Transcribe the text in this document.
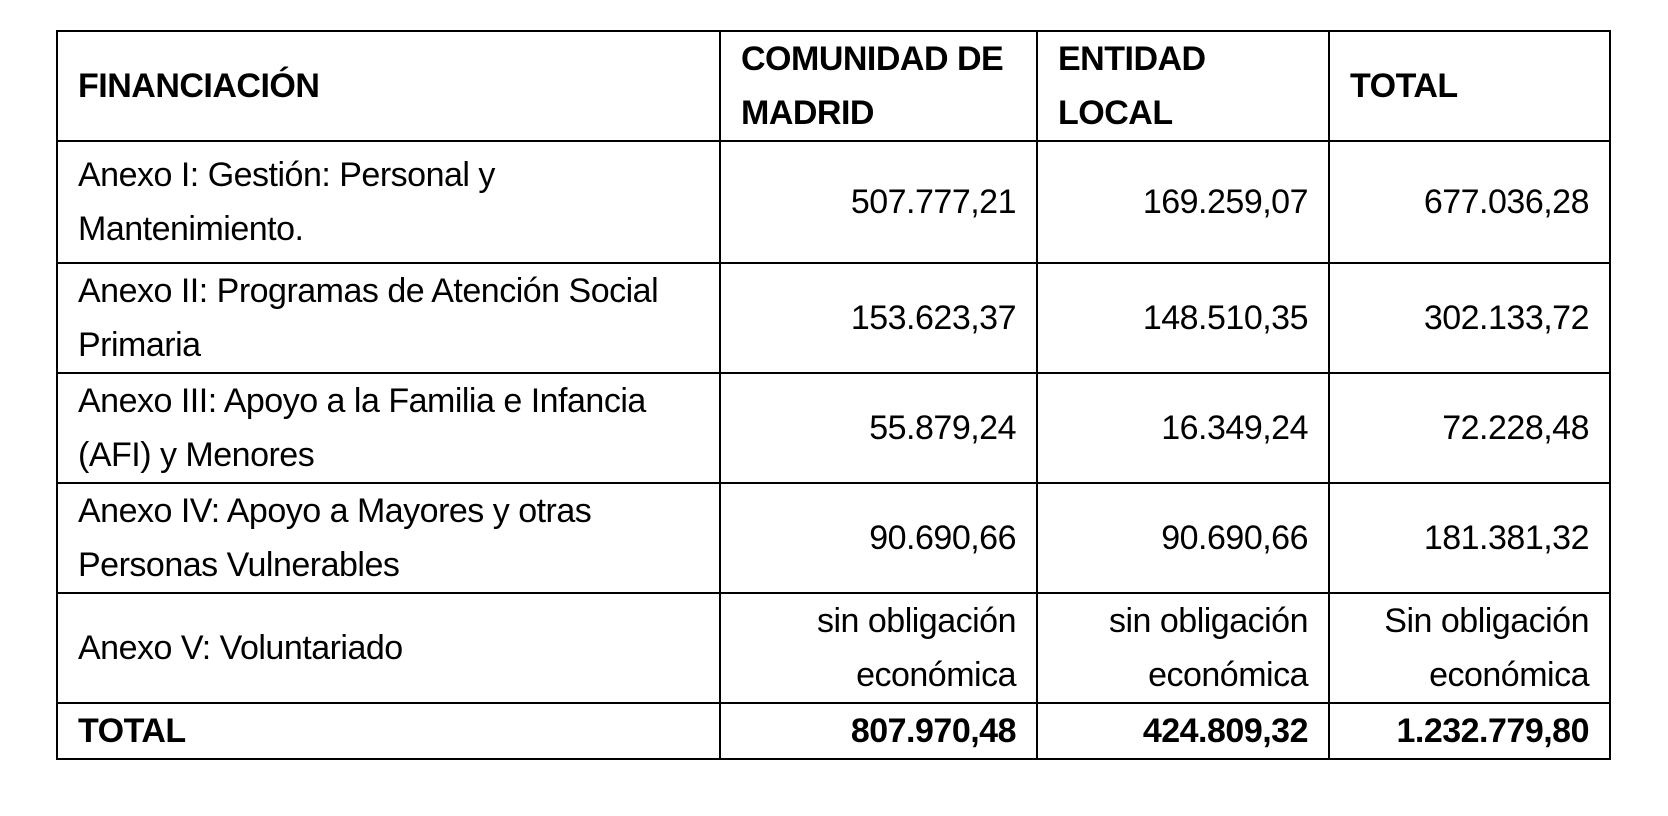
FINANCIACIÓN	COMUNIDAD DE MADRID	ENTIDAD LOCAL	TOTAL
Anexo I: Gestión: Personal y Mantenimiento.	507.777,21	169.259,07	677.036,28
Anexo II: Programas de Atención Social Primaria	153.623,37	148.510,35	302.133,72
Anexo III: Apoyo a la Familia e Infancia (AFI) y Menores	55.879,24	16.349,24	72.228,48
Anexo IV: Apoyo a Mayores y otras Personas Vulnerables	90.690,66	90.690,66	181.381,32
Anexo V: Voluntariado	sin obligación económica	sin obligación económica	Sin obligación económica
TOTAL	807.970,48	424.809,32	1.232.779,80
